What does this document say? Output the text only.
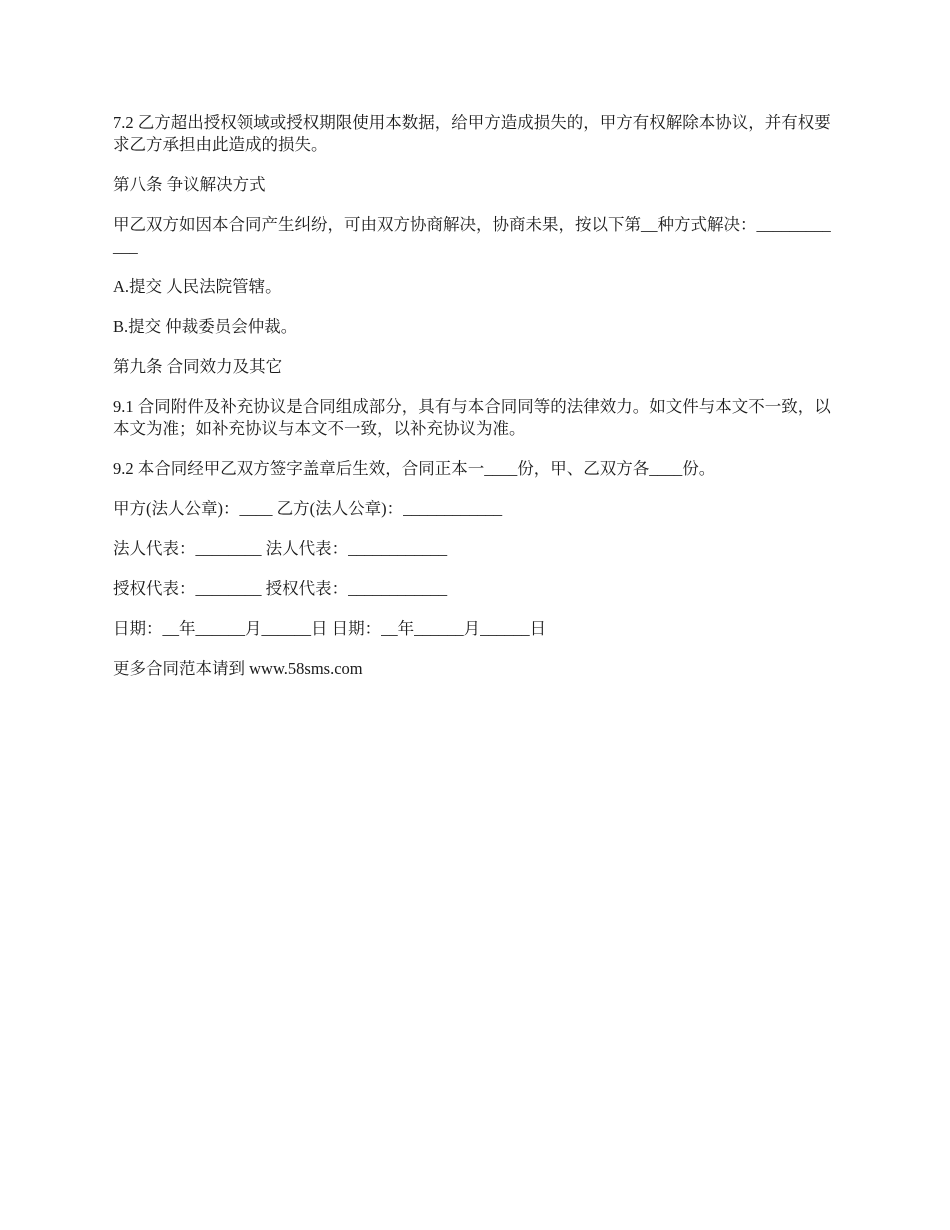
7.2 乙方超出授权领域或授权期限使用本数据，给甲方造成损失的，甲方有权解除本协议，并有权要求乙方承担由此造成的损失。

第八条 争议解决方式

甲乙双方如因本合同产生纠纷，可由双方协商解决，协商未果，按以下第__种方式解决：____________

A.提交 人民法院管辖。

B.提交 仲裁委员会仲裁。

第九条 合同效力及其它

9.1 合同附件及补充协议是合同组成部分，具有与本合同同等的法律效力。如文件与本文不一致，以本文为准；如补充协议与本文不一致，以补充协议为准。

9.2 本合同经甲乙双方签字盖章后生效，合同正本一____份，甲、乙双方各____份。

甲方(法人公章)：____ 乙方(法人公章)：____________

法人代表：________ 法人代表：____________

授权代表：________ 授权代表：____________

日期：__年______月______日 日期：__年______月______日

更多合同范本请到 www.58sms.com
